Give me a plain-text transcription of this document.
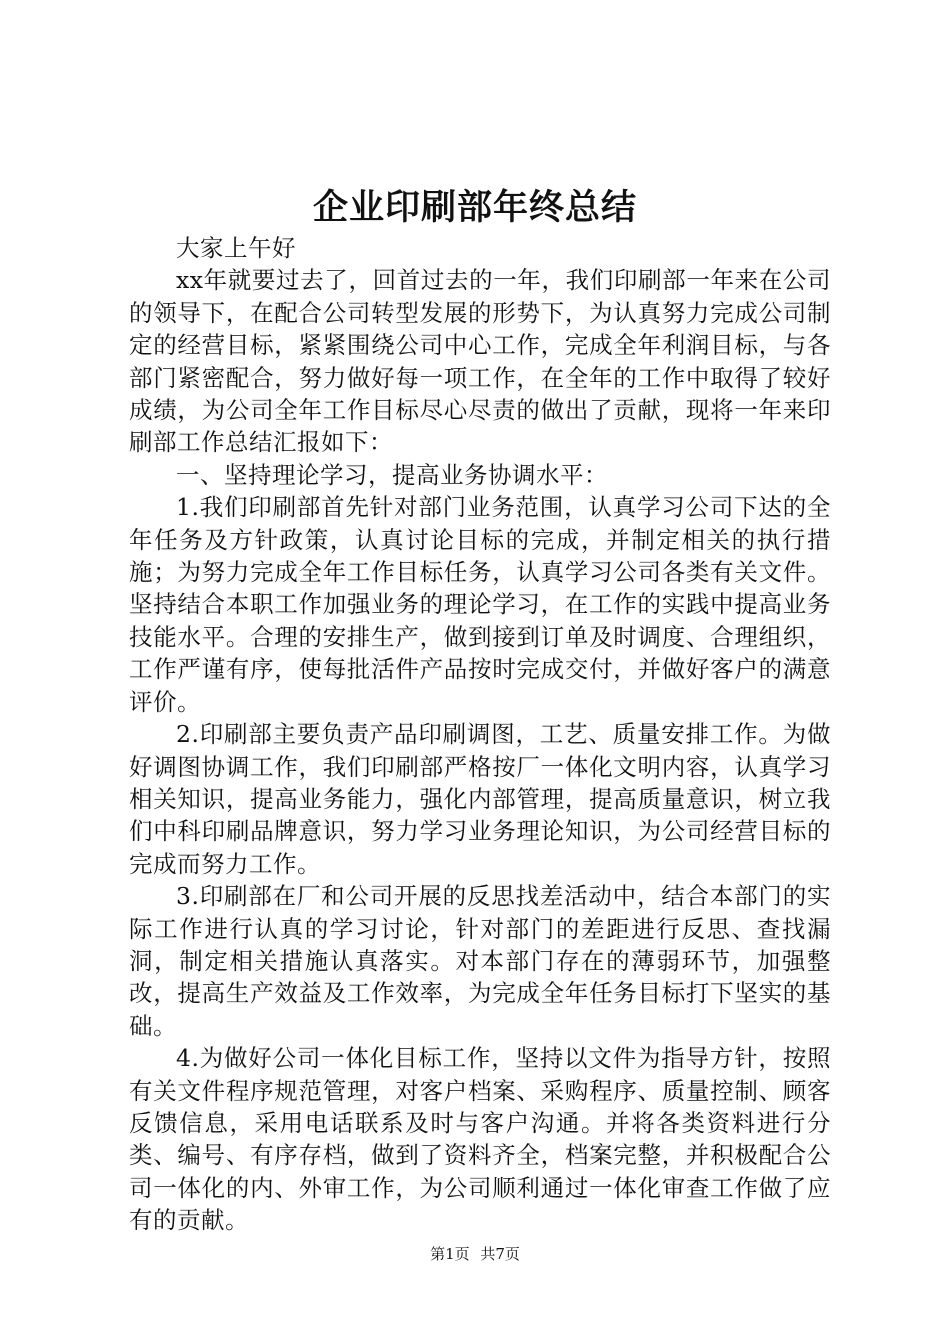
企业印刷部年终总结

大家上午好

xx年就要过去了，回首过去的一年，我们印刷部一年来在公司的领导下，在配合公司转型发展的形势下，为认真努力完成公司制定的经营目标，紧紧围绕公司中心工作，完成全年利润目标，与各部门紧密配合，努力做好每一项工作，在全年的工作中取得了较好成绩，为公司全年工作目标尽心尽责的做出了贡献，现将一年来印刷部工作总结汇报如下：

一、坚持理论学习，提高业务协调水平：

1.我们印刷部首先针对部门业务范围，认真学习公司下达的全年任务及方针政策，认真讨论目标的完成，并制定相关的执行措施；为努力完成全年工作目标任务，认真学习公司各类有关文件。坚持结合本职工作加强业务的理论学习，在工作的实践中提高业务技能水平。合理的安排生产，做到接到订单及时调度、合理组织，工作严谨有序，使每批活件产品按时完成交付，并做好客户的满意评价。

2.印刷部主要负责产品印刷调图，工艺、质量安排工作。为做好调图协调工作，我们印刷部严格按厂一体化文明内容，认真学习相关知识，提高业务能力，强化内部管理，提高质量意识，树立我们中科印刷品牌意识，努力学习业务理论知识，为公司经营目标的完成而努力工作。

3.印刷部在厂和公司开展的反思找差活动中，结合本部门的实际工作进行认真的学习讨论，针对部门的差距进行反思、查找漏洞，制定相关措施认真落实。对本部门存在的薄弱环节，加强整改，提高生产效益及工作效率，为完成全年任务目标打下坚实的基础。

4.为做好公司一体化目标工作，坚持以文件为指导方针，按照有关文件程序规范管理，对客户档案、采购程序、质量控制、顾客反馈信息，采用电话联系及时与客户沟通。并将各类资料进行分类、编号、有序存档，做到了资料齐全，档案完整，并积极配合公司一体化的内、外审工作，为公司顺利通过一体化审查工作做了应有的贡献。

第1页 共7页
